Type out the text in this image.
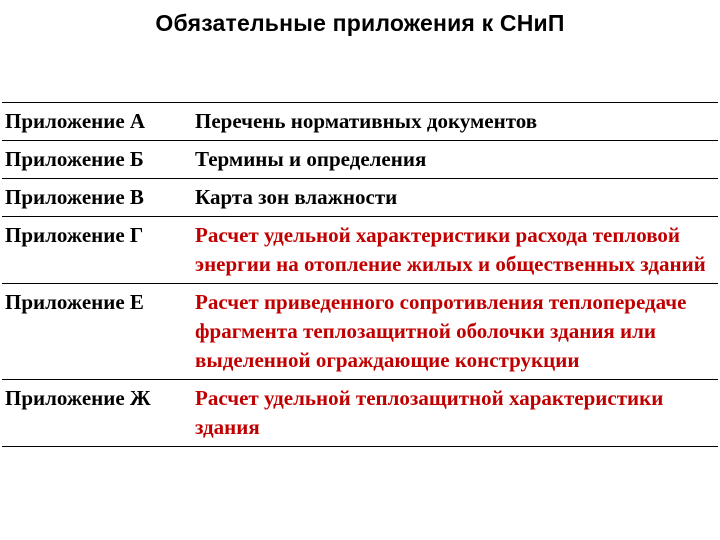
Обязательные приложения к СНиП
Приложение А	Перечень нормативных документов
Приложение Б	Термины и определения
Приложение В	Карта зон влажности
Приложение Г	Расчет удельной характеристики расхода тепловой энергии на отопление жилых и общественных зданий
Приложение Е	Расчет приведенного сопротивления теплопередаче фрагмента теплозащитной оболочки здания или выделенной ограждающие конструкции
Приложение Ж	Расчет удельной теплозащитной характеристики здания
